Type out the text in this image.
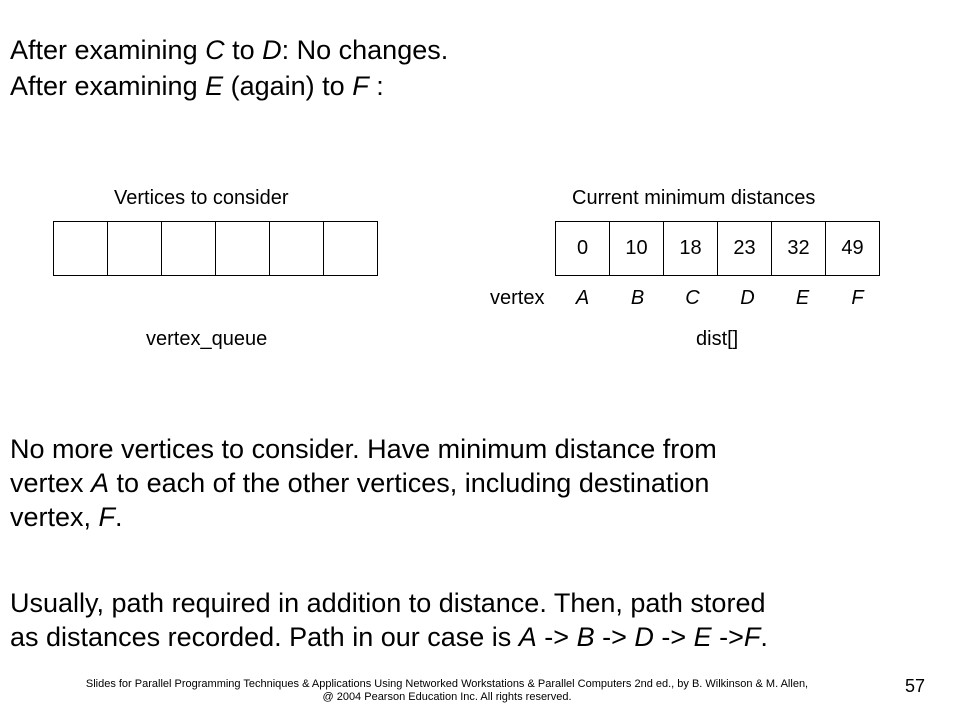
After examining C to D: No changes.
After examining E (again) to F :
Vertices to consider
vertex_queue
Current minimum distances
0	10	18	23	32	49
vertex	A	B	C	D	E	F
dist[]
No more vertices to consider. Have minimum distance from
vertex A to each of the other vertices, including destination
vertex, F.
Usually, path required in addition to distance. Then, path stored
as distances recorded. Path in our case is A -> B -> D -> E ->F.
Slides for Parallel Programming Techniques & Applications Using Networked Workstations & Parallel Computers 2nd ed., by B. Wilkinson & M. Allen,
@ 2004 Pearson Education Inc. All rights reserved.
57
